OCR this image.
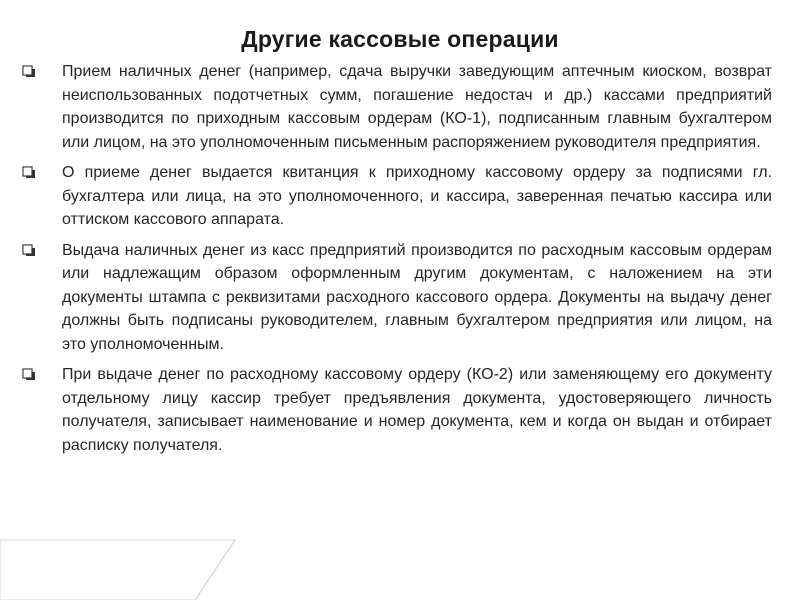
Другие кассовые операции
Прием наличных денег (например, сдача выручки заведующим аптечным киоском, возврат неиспользованных подотчетных сумм, погашение недостач и др.) кассами предприятий производится по приходным кассовым ордерам (КО-1), подписанным главным бухгалтером или лицом, на это уполномоченным письменным распоряжением руководителя предприятия.
О приеме денег выдается квитанция к приходному кассовому ордеру за подписями гл. бухгалтера или лица, на это уполномоченного, и кассира, заверенная печатью кассира или оттиском кассового аппарата.
Выдача наличных денег из касс предприятий производится по расходным кассовым ордерам или надлежащим образом оформленным другим документам, с наложением на эти документы штампа с реквизитами расходного кассового ордера. Документы на выдачу денег должны быть подписаны руководителем, главным бухгалтером предприятия или лицом, на это уполномоченным.
При выдаче денег по расходному кассовому ордеру (КО-2) или заменяющему его документу отдельному лицу кассир требует предъявления документа, удостоверяющего личность получателя, записывает наименование и номер документа, кем и когда он выдан и отбирает расписку получателя.
